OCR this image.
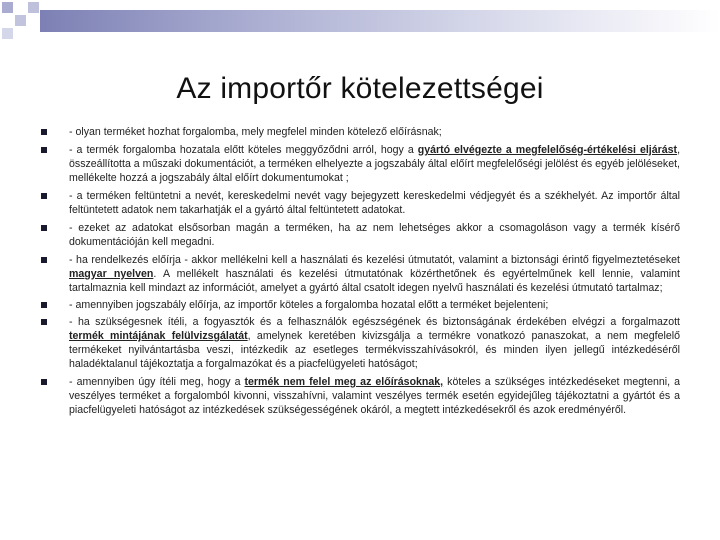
Az importőr kötelezettségei
- olyan terméket hozhat forgalomba, mely megfelel minden kötelező előírásnak;
- a termék forgalomba hozatala előtt köteles meggyőződni arról, hogy a gyártó elvégezte a megfelelőség-értékelési eljárást, összeállította a műszaki dokumentációt, a terméken elhelyezte a jogszabály által előírt megfelelőségi jelölést és egyéb jelöléseket, mellékelte hozzá a jogszabály által előírt dokumentumokat ;
- a terméken feltüntetni a nevét, kereskedelmi nevét vagy bejegyzett kereskedelmi védjegyét és a székhelyét. Az importőr által feltüntetett adatok nem takarhatják el a gyártó által feltüntetett adatokat.
- ezeket az adatokat elsősorban magán a terméken, ha az nem lehetséges akkor a csomagoláson vagy a termék kísérő dokumentációján kell megadni.
- ha rendelkezés előírja - akkor mellékelni kell a használati és kezelési útmutatót, valamint a biztonsági érintő figyelmeztetéseket magyar nyelven. A mellékelt használati és kezelési útmutatónak közérthetőnek és egyértelműnek kell lennie, valamint tartalmaznia kell mindazt az információt, amelyet a gyártó által csatolt idegen nyelvű használati és kezelési útmutató tartalmaz;
- amennyiben jogszabály előírja, az importőr köteles a forgalomba hozatal előtt a terméket bejelenteni;
- ha szükségesnek ítéli, a fogyasztók és a felhasználók egészségének és biztonságának érdekében elvégzi a forgalmazott termék mintájának felülvizsgálatát, amelynek keretében kivizsgálja a termékre vonatkozó panaszokat, a nem megfelelő termékeket nyilvántartásba veszi, intézkedik az esetleges termékvisszahívásokról, és minden ilyen jellegű intézkedéséről haladéktalanul tájékoztatja a forgalmazókat és a piacfelügyeleti hatóságot;
- amennyiben úgy ítéli meg, hogy a termék nem felel meg az előírásoknak, köteles a szükséges intézkedéseket megtenni, a veszélyes terméket a forgalomból kivonni, visszahívni, valamint veszélyes termék esetén egyidejűleg tájékoztatni a gyártót és a piacfelügyeleti hatóságot az intézkedések szükségességének okáról, a megtett intézkedésekről és azok eredményéről.
